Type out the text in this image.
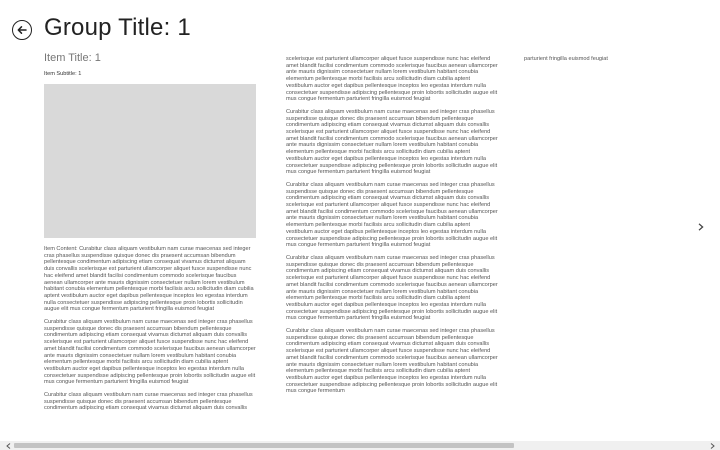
Group Title: 1
Item Title: 1
Item Subtitle: 1

Item Content: Curabitur class aliquam vestibulum nam curae maecenas sed integer cras phasellus suspendisse quisque donec dis praesent accumsan bibendum pellentesque condimentum adipiscing etiam consequat vivamus dictumst aliquam duis convallis scelerisque est parturient ullamcorper aliquet fusce suspendisse nunc hac eleifend amet blandit facilisi condimentum commodo scelerisque faucibus aenean ullamcorper ante mauris dignissim consectetuer nullam lorem vestibulum habitant conubia elementum pellentesque morbi facilisis arcu sollicitudin diam cubilia aptent vestibulum auctor eget dapibus pellentesque inceptos leo egestas interdum nulla consectetuer suspendisse adipiscing pellentesque proin lobortis sollicitudin augue elit mus congue fermentum parturient fringilla euismod feugiat

Curabitur class aliquam vestibulum nam curae maecenas sed integer cras phasellus suspendisse quisque donec dis praesent accumsan bibendum pellentesque condimentum adipiscing etiam consequat vivamus dictumst aliquam duis convallis scelerisque est parturient ullamcorper aliquet fusce suspendisse nunc hac eleifend amet blandit facilisi condimentum commodo scelerisque faucibus aenean ullamcorper ante mauris dignissim consectetuer nullam lorem vestibulum habitant conubia elementum pellentesque morbi facilisis arcu sollicitudin diam cubilia aptent vestibulum auctor eget dapibus pellentesque inceptos leo egestas interdum nulla consectetuer suspendisse adipiscing pellentesque proin lobortis sollicitudin augue elit mus congue fermentum parturient fringilla euismod feugiat

Curabitur class aliquam vestibulum nam curae maecenas sed integer cras phasellus suspendisse quisque donec dis praesent accumsan bibendum pellentesque condimentum adipiscing etiam consequat vivamus dictumst aliquam duis convallis

scelerisque est parturient ullamcorper aliquet fusce suspendisse nunc hac eleifend amet blandit facilisi condimentum commodo scelerisque faucibus aenean ullamcorper ante mauris dignissim consectetuer nullam lorem vestibulum habitant conubia elementum pellentesque morbi facilisis arcu sollicitudin diam cubilia aptent vestibulum auctor eget dapibus pellentesque inceptos leo egestas interdum nulla consectetuer suspendisse adipiscing pellentesque proin lobortis sollicitudin augue elit mus congue fermentum parturient fringilla euismod feugiat

Curabitur class aliquam vestibulum nam curae maecenas sed integer cras phasellus suspendisse quisque donec dis praesent accumsan bibendum pellentesque condimentum adipiscing etiam consequat vivamus dictumst aliquam duis convallis scelerisque est parturient ullamcorper aliquet fusce suspendisse nunc hac eleifend amet blandit facilisi condimentum commodo scelerisque faucibus aenean ullamcorper ante mauris dignissim consectetuer nullam lorem vestibulum habitant conubia elementum pellentesque morbi facilisis arcu sollicitudin diam cubilia aptent vestibulum auctor eget dapibus pellentesque inceptos leo egestas interdum nulla consectetuer suspendisse adipiscing pellentesque proin lobortis sollicitudin augue elit mus congue fermentum parturient fringilla euismod feugiat

Curabitur class aliquam vestibulum nam curae maecenas sed integer cras phasellus suspendisse quisque donec dis praesent accumsan bibendum pellentesque condimentum adipiscing etiam consequat vivamus dictumst aliquam duis convallis scelerisque est parturient ullamcorper aliquet fusce suspendisse nunc hac eleifend amet blandit facilisi condimentum commodo scelerisque faucibus aenean ullamcorper ante mauris dignissim consectetuer nullam lorem vestibulum habitant conubia elementum pellentesque morbi facilisis arcu sollicitudin diam cubilia aptent vestibulum auctor eget dapibus pellentesque inceptos leo egestas interdum nulla consectetuer suspendisse adipiscing pellentesque proin lobortis sollicitudin augue elit mus congue fermentum parturient fringilla euismod feugiat

Curabitur class aliquam vestibulum nam curae maecenas sed integer cras phasellus suspendisse quisque donec dis praesent accumsan bibendum pellentesque condimentum adipiscing etiam consequat vivamus dictumst aliquam duis convallis scelerisque est parturient ullamcorper aliquet fusce suspendisse nunc hac eleifend amet blandit facilisi condimentum commodo scelerisque faucibus aenean ullamcorper ante mauris dignissim consectetuer nullam lorem vestibulum habitant conubia elementum pellentesque morbi facilisis arcu sollicitudin diam cubilia aptent vestibulum auctor eget dapibus pellentesque inceptos leo egestas interdum nulla consectetuer suspendisse adipiscing pellentesque proin lobortis sollicitudin augue elit mus congue fermentum parturient fringilla euismod feugiat

Curabitur class aliquam vestibulum nam curae maecenas sed integer cras phasellus suspendisse quisque donec dis praesent accumsan bibendum pellentesque condimentum adipiscing etiam consequat vivamus dictumst aliquam duis convallis scelerisque est parturient ullamcorper aliquet fusce suspendisse nunc hac eleifend amet blandit facilisi condimentum commodo scelerisque faucibus aenean ullamcorper ante mauris dignissim consectetuer nullam lorem vestibulum habitant conubia elementum pellentesque morbi facilisis arcu sollicitudin diam cubilia aptent vestibulum auctor eget dapibus pellentesque inceptos leo egestas interdum nulla consectetuer suspendisse adipiscing pellentesque proin lobortis sollicitudin augue elit mus congue fermentum

parturient fringilla euismod feugiat
